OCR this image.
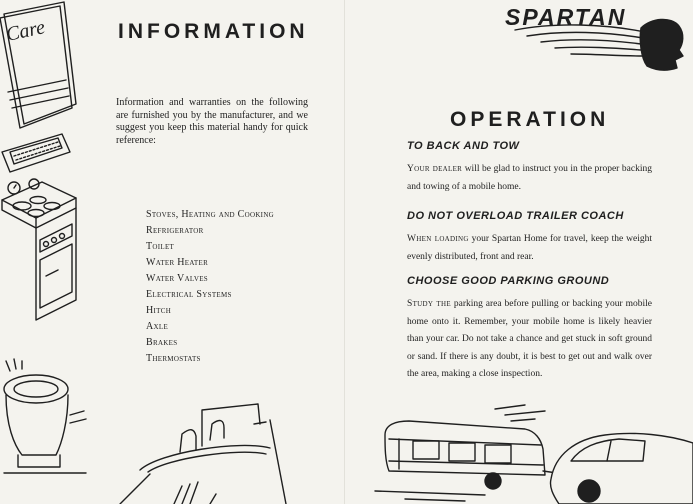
Care	INFORMATION

Information and warranties on the following are furnished you by the manufacturer, and we suggest you keep this material handy for quick reference:

Stoves, Heating and Cooking
Refrigerator
Toilet
Water Heater
Water Valves
Electrical Systems
Hitch
Axle
Brakes
Thermostats
SPARTAN
OPERATION
TO BACK AND TOW

Your dealer will be glad to instruct you in the proper backing and towing of a mobile home.

DO NOT OVERLOAD TRAILER COACH

When loading your Spartan Home for travel, keep the weight evenly distributed, front and rear.

CHOOSE GOOD PARKING GROUND

Study the parking area before pulling or backing your mobile home onto it. Remember, your mobile home is likely heavier than your car. Do not take a chance and get stuck in soft ground or sand. If there is any doubt, it is best to get out and walk over the area, making a close inspection.
